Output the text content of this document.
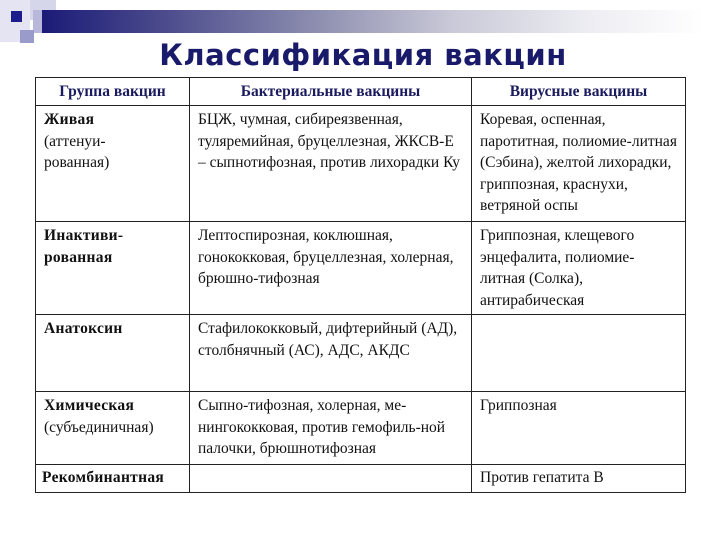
Классификация вакцин
Группа вакцин	Бактериальные вакцины	Вирусные вакцины

Живая
(аттенуи-рованная)	БЦЖ, чумная, сибиреязвенная, туляремийная, бруцеллезная, ЖКСВ-Е – сыпнотифозная, против лихорадки Ку	Коревая, оспенная, паротитная, полиомие-литная (Сэбина), желтой лихорадки, гриппозная, краснухи, ветряной оспы

Инактиви-рованная	Лептоспирозная, коклюшная, гонококковая, бруцеллезная, холерная, брюшно-тифозная	Гриппозная, клещевого энцефалита, полиомие-литная (Солка), антирабическая

Анатоксин	Стафилококковый, дифтерийный (АД), столбнячный (АС), АДС, АКДС	

Химическая
(субъединичная)	Сыпно-тифозная, холерная, ме-нингококковая, против гемофиль-ной палочки, брюшнотифозная	Гриппозная

Рекомбинантная		Против гепатита В
